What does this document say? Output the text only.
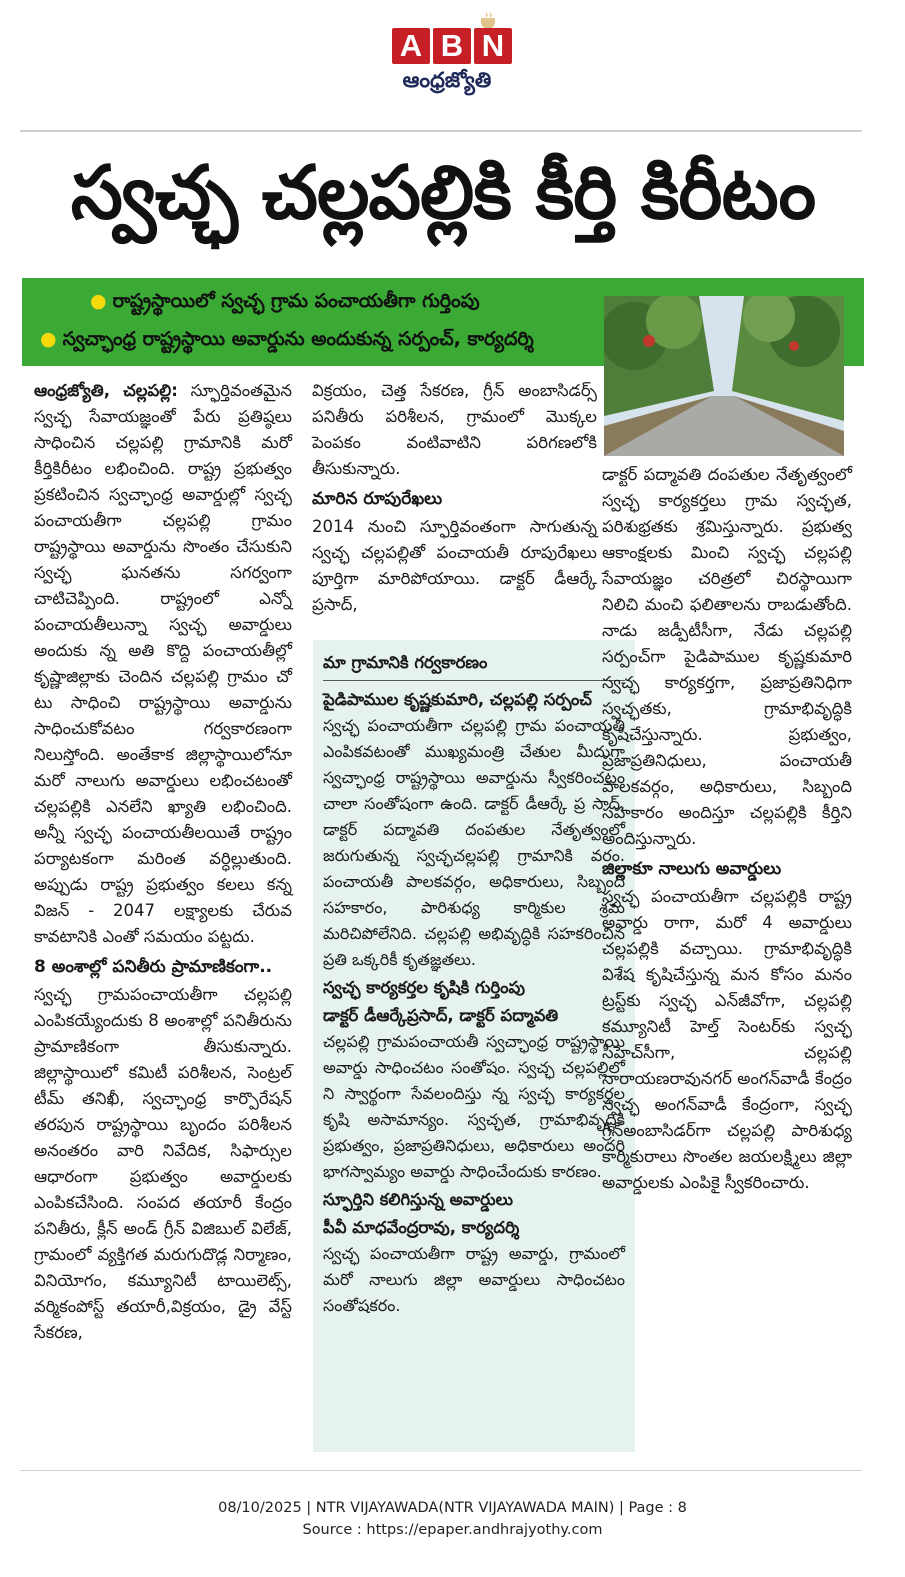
A B N
ఆంధ్రజ్యోతి
స్వచ్ఛ చల్లపల్లికి కీర్తి కిరీటం
● రాష్ట్రస్థాయిలో స్వచ్ఛ గ్రామ పంచాయతీగా గుర్తింపు
● స్వచ్ఛాంధ్ర రాష్ట్రస్థాయి అవార్డును అందుకున్న సర్పంచ్, కార్యదర్శి

ఆంధ్రజ్యోతి, చల్లపల్లి: స్ఫూర్తివంతమైన స్వచ్ఛ సేవాయజ్ఞంతో పేరు ప్రతిష్ఠలు సాధించిన చల్లపల్లి గ్రామానికి మరో కీర్తికిరీటం లభించింది. రాష్ట్ర ప్రభుత్వం ప్రకటించిన స్వచ్ఛాంధ్ర అవార్డుల్లో స్వచ్ఛ పంచాయతీగా చల్లపల్లి గ్రామం రాష్ట్రస్థాయి అవార్డును సొంతం చేసుకుని స్వచ్ఛ ఘనతను సగర్వంగా చాటిచెప్పింది. రాష్ట్రంలో ఎన్నో పంచాయతీలున్నా స్వచ్ఛ అవార్డులు అందుకు న్న అతి కొద్ది పంచాయతీల్లో కృష్ణాజిల్లాకు చెందిన చల్లపల్లి గ్రామం చో టు సాధించి రాష్ట్రస్థాయి అవార్డును సాధించుకోవటం గర్వకారణంగా నిలుస్తోంది. అంతేకాక జిల్లాస్థాయిలోనూ మరో నాలుగు అవార్డులు లభించటంతో చల్లపల్లికి ఎనలేని ఖ్యాతి లభించింది. అన్నీ స్వచ్ఛ పంచాయతీలయితే రాష్ట్రం పర్యాటకంగా మరింత వర్ధిల్లుతుంది. అప్పుడు రాష్ట్ర ప్రభుత్వం కలలు కన్న విజన్ - 2047 లక్ష్యాలకు చేరువ కావటానికి ఎంతో సమయం పట్టదు.

8 అంశాల్లో పనితీరు ప్రామాణికంగా..

స్వచ్ఛ గ్రామపంచాయతీగా చల్లపల్లి ఎంపికయ్యేందుకు 8 అంశాల్లో పనితీరును ప్రామాణికంగా తీసుకున్నారు. జిల్లాస్థాయిలో కమిటీ పరిశీలన, సెంట్రల్ టీమ్ తనిఖీ, స్వచ్ఛాంధ్ర కార్పొరేషన్ తరపున రాష్ట్రస్థాయి బృందం పరిశీలన అనంతరం వారి నివేదిక, సిఫార్సుల ఆధారంగా ప్రభుత్వం అవార్డులకు ఎంపికచేసింది. సంపద తయారీ కేంద్రం పనితీరు, క్లీన్ అండ్ గ్రీన్ విజిబుల్ విలేజ్, గ్రామంలో వ్యక్తిగత మరుగుదొడ్ల నిర్మాణం, వినియోగం, కమ్యూనిటీ టాయిలెట్స్, వర్మికంపోస్ట్ తయారీ,విక్రయం, డ్రై వేస్ట్ సేకరణ,

విక్రయం, చెత్త సేకరణ, గ్రీన్ అంబాసిడర్స్ పనితీరు పరిశీలన, గ్రామంలో మొక్కల పెంపకం వంటివాటిని పరిగణలోకి తీసుకున్నారు.

మారిన రూపురేఖలు

2014 నుంచి స్ఫూర్తివంతంగా సాగుతున్న స్వచ్ఛ చల్లపల్లితో పంచాయతీ రూపురేఖలు పూర్తిగా మారిపోయాయి. డాక్టర్ డీఆర్కే ప్రసాద్,

మా గ్రామానికి గర్వకారణం
పైడిపాముల కృష్ణకుమారి, చల్లపల్లి సర్పంచ్
స్వచ్ఛ పంచాయతీగా చల్లపల్లి గ్రామ పంచాయతీ ఎంపికవటంతో ముఖ్యమంత్రి చేతుల మీదుగా స్వచ్ఛాంధ్ర రాష్ట్రస్థాయి అవార్డును స్వీకరించటం చాలా సంతోషంగా ఉంది. డాక్టర్ డీఆర్కే ప్ర సాద్, డాక్టర్ పద్మావతి దంపతుల నేతృత్వంలో జరుగుతున్న స్వచ్ఛచల్లపల్లి గ్రామానికి వరం. పంచాయతీ పాలకవర్గం, అధికారులు, సిబ్బంది సహకారం, పారిశుధ్య కార్మికుల శ్రమ మరిచిపోలేనిది. చల్లపల్లి అభివృద్ధికి సహకరించిన ప్రతి ఒక్కరికీ కృతజ్ఞతలు.
స్వచ్ఛ కార్యకర్తల కృషికి గుర్తింపు
డాక్టర్ డీఆర్కేప్రసాద్, డాక్టర్ పద్మావతి
చల్లపల్లి గ్రామపంచాయతీ స్వచ్ఛాంధ్ర రాష్ట్రస్థాయి అవార్డు సాధించటం సంతోషం. స్వచ్ఛ చల్లపల్లిలో ని స్వార్థంగా సేవలందిస్తు న్న స్వచ్ఛ కార్యకర్తల కృషి అసామాన్యం. స్వచ్ఛత, గ్రామాభివృద్ధికి ప్రభుత్వం, ప్రజాప్రతినిధులు, అధికారులు అందరి భాగస్వామ్యం అవార్డు సాధించేందుకు కారణం.
స్ఫూర్తిని కలిగిస్తున్న అవార్డులు
పీవీ మాధవేంద్రరావు, కార్యదర్శి
స్వచ్ఛ పంచాయతీగా రాష్ట్ర అవార్డు, గ్రామంలో మరో నాలుగు జిల్లా అవార్డులు సాధించటం సంతోషకరం.

డాక్టర్ పద్మావతి దంపతుల నేతృత్వంలో స్వచ్ఛ కార్యకర్తలు గ్రామ స్వచ్ఛత, పరిశుభ్రతకు శ్రమిస్తున్నారు. ప్రభుత్వ ఆకాంక్షలకు మించి స్వచ్ఛ చల్లపల్లి సేవాయజ్ఞం చరిత్రలో చిరస్థాయిగా నిలిచి మంచి ఫలితాలను రాబడుతోంది. నాడు జడ్పీటీసీగా, నేడు చల్లపల్లి సర్పంచ్‌గా పైడిపాముల కృష్ణకుమారి స్వచ్ఛ కార్యకర్తగా, ప్రజాప్రతినిధిగా స్వచ్ఛతకు, గ్రామాభివృద్ధికి కృషిచేస్తున్నారు. ప్రభుత్వం, ప్రజాప్రతినిధులు, పంచాయతీ పాలకవర్గం, అధికారులు, సిబ్బంది సహకారం అందిస్తూ చల్లపల్లికి కీర్తిని అందిస్తున్నారు.

జిల్లాకూ నాలుగు అవార్డులు

స్వచ్ఛ పంచాయతీగా చల్లపల్లికి రాష్ట్ర అవార్డు రాగా, మరో 4 అవార్డులు చల్లపల్లికి వచ్చాయి. గ్రామాభివృద్ధికి విశేష కృషిచేస్తున్న మన కోసం మనం ట్రస్ట్‌కు స్వచ్ఛ ఎన్‌జీవోగా, చల్లపల్లి కమ్యూనిటీ హెల్త్ సెంటర్‌కు స్వచ్ఛ సీహెచ్‌సీగా, చల్లపల్లి నారాయణరావునగర్ అంగన్‌వాడీ కేంద్రం స్వచ్ఛ అంగన్‌వాడీ కేంద్రంగా, స్వచ్ఛ గ్రీన్‌అంబాసిడర్‌గా చల్లపల్లి పారిశుధ్య కార్మికురాలు సొంతల జయలక్ష్మిలు జిల్లా అవార్డులకు ఎంపికై స్వీకరించారు.

08/10/2025 | NTR VIJAYAWADA(NTR VIJAYAWADA MAIN) | Page : 8
Source : https://epaper.andhrajyothy.com
